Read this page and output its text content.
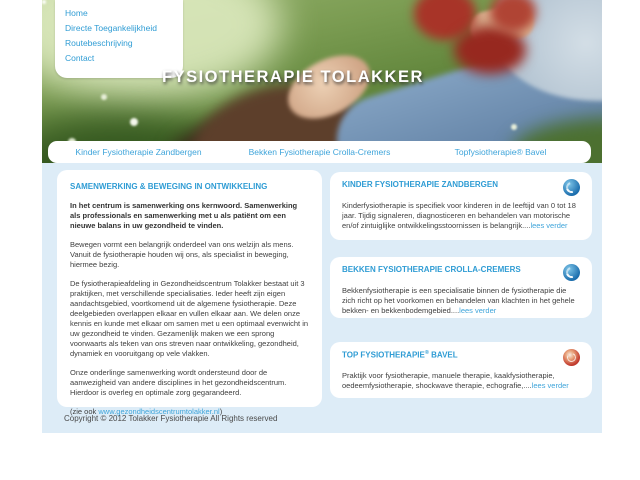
Home
Directe Toegankelijkheid
Routebeschrijving
Contact
FYSIOTHERAPIE TOLAKKER
Kinder Fysiotherapie Zandbergen	Bekken Fysiotherapie Crolla-Cremers	Topfysiotherapie® Bavel
SAMENWERKING & BEWEGING IN ONTWIKKELING

In het centrum is samenwerking ons kernwoord. Samenwerking als professionals en samenwerking met u als patiënt om een nieuwe balans in uw gezondheid te vinden.

Bewegen vormt een belangrijk onderdeel van ons welzijn als mens. Vanuit de fysiotherapie houden wij ons, als specialist in beweging, hiermee bezig.

De fysiotherapieafdeling in Gezondheidscentrum Tolakker bestaat uit 3 praktijken, met verschillende specialisaties. Ieder heeft zijn eigen aandachtsgebied, voortkomend uit de algemene fysiotherapie. Deze deelgebieden overlappen elkaar en vullen elkaar aan. We delen onze kennis en kunde met elkaar om samen met u een optimaal evenwicht in uw gezondheid te vinden. Gezamenlijk maken we een sprong voorwaarts als teken van ons streven naar ontwikkeling, gezondheid, dynamiek en vooruitgang op vele vlakken.

Onze onderlinge samenwerking wordt ondersteund door de aanwezigheid van andere disciplines in het gezondheidscentrum. Hierdoor is overleg en optimale zorg gegarandeerd.

(zie ook www.gezondheidscentrumtolakker.nl)

KINDER FYSIOTHERAPIE ZANDBERGEN
Kinderfysiotherapie is specifiek voor kinderen in de leeftijd van 0 tot 18 jaar. Tijdig signaleren, diagnosticeren en behandelen van motorische en/of zintuiglijke ontwikkelingsstoornissen is belangrijk....lees verder
BEKKEN FYSIOTHERAPIE CROLLA-CREMERS
Bekkenfysiotherapie is een specialisatie binnen de fysiotherapie die zich richt op het voorkomen en behandelen van klachten in het gehele bekken- en bekkenbodemgebied....lees verder
TOP FYSIOTHERAPIE® BAVEL
Praktijk voor fysiotherapie, manuele therapie, kaakfysiotherapie, oedeemfysiotherapie, shockwave therapie, echografie,....lees verder
Copyright © 2012 Tolakker Fysiotherapie All Rights reserved
